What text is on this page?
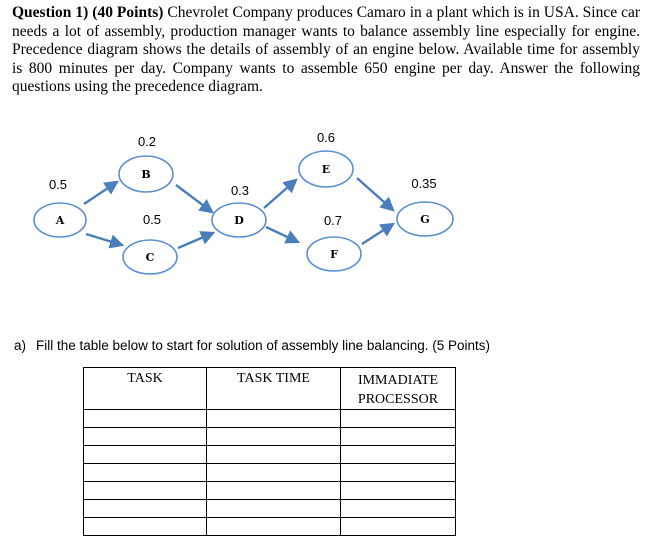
Question 1) (40 Points) Chevrolet Company produces Camaro in a plant which is in USA. Since car needs a lot of assembly, production manager wants to balance assembly line especially for engine. Precedence diagram shows the details of assembly of an engine below. Available time for assembly is 800 minutes per day. Company wants to assemble 650 engine per day. Answer the following questions using the precedence diagram.
A
B
C
D
E
F
G
0.5
0.2
0.5
0.3
0.6
0.7
0.35
a) Fill the table below to start for solution of assembly line balancing. (5 Points)
TASK	TASK TIME	IMMADIATE
PROCESSOR
